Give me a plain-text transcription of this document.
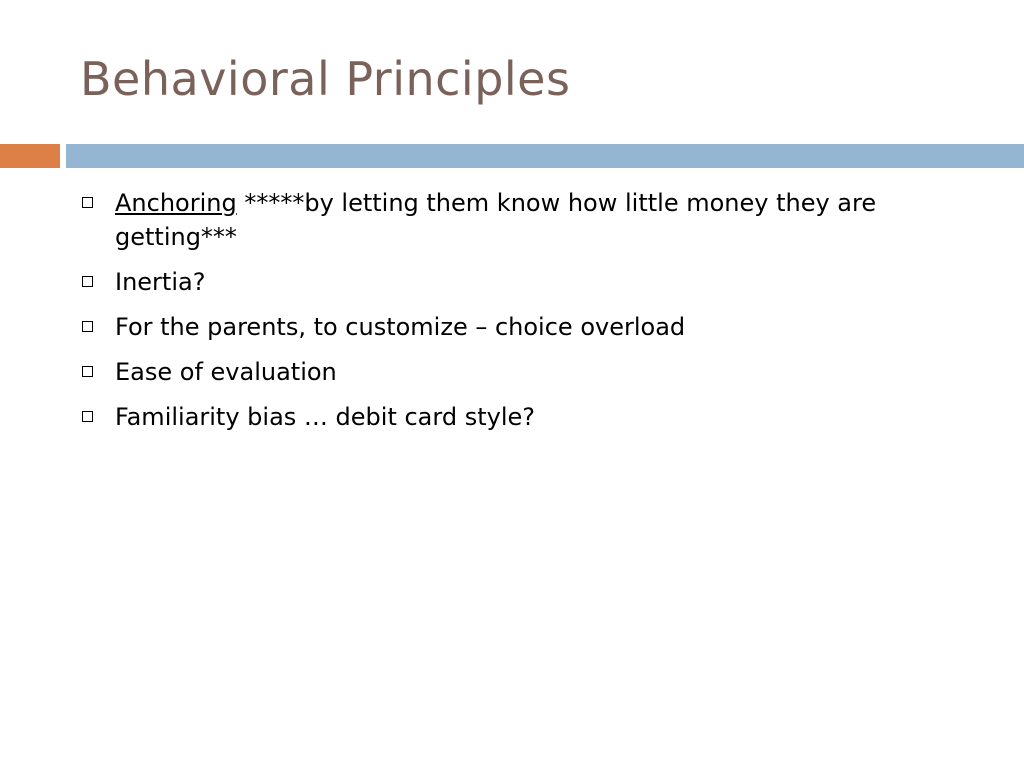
Behavioral Principles
Anchoring *****by letting them know how little money they are getting***
Inertia?
For the parents, to customize – choice overload
Ease of evaluation
Familiarity bias … debit card style?
